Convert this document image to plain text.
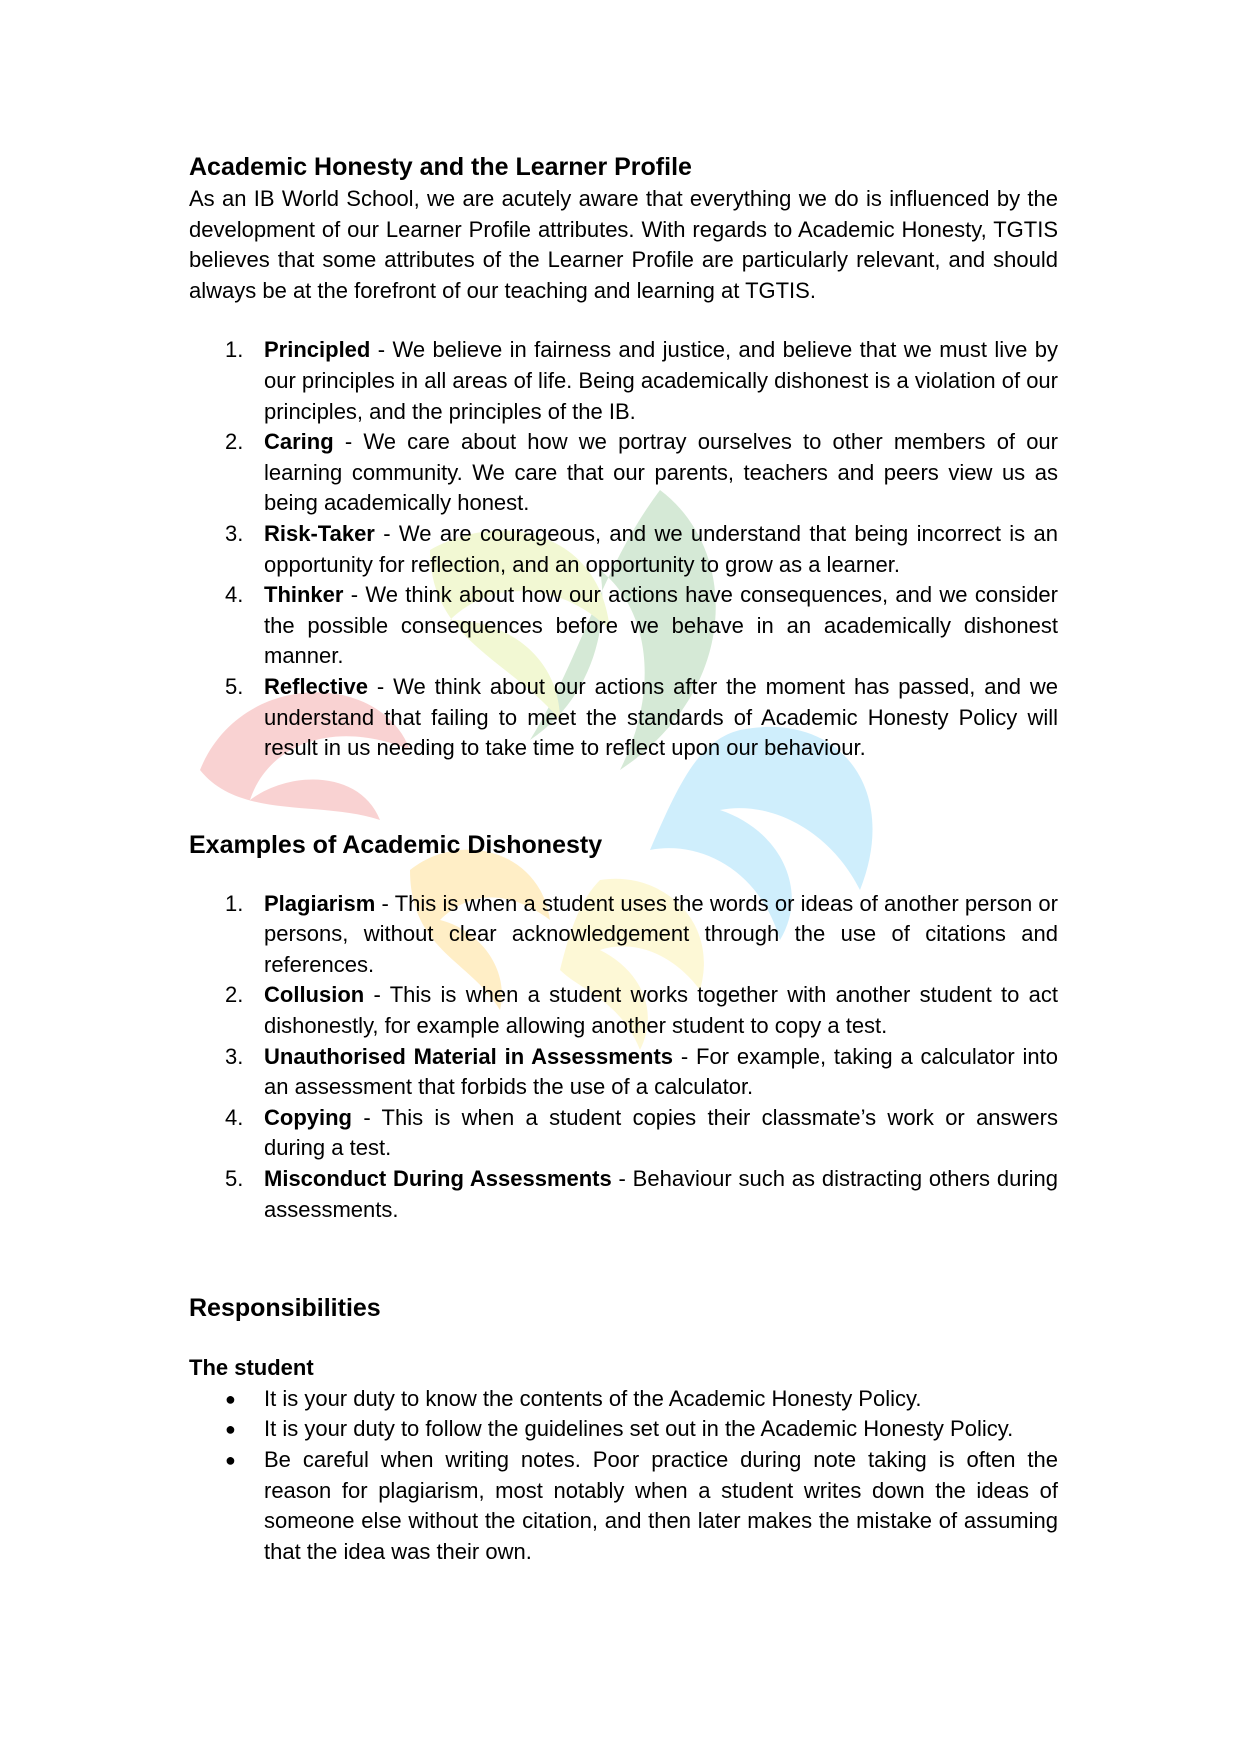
Academic Honesty and the Learner Profile

As an IB World School, we are acutely aware that everything we do is influenced by the development of our Learner Profile attributes. With regards to Academic Honesty, TGTIS believes that some attributes of the Learner Profile are particularly relevant, and should always be at the forefront of our teaching and learning at TGTIS.

1. Principled - We believe in fairness and justice, and believe that we must live by our principles in all areas of life. Being academically dishonest is a violation of our principles, and the principles of the IB.
2. Caring - We care about how we portray ourselves to other members of our learning community. We care that our parents, teachers and peers view us as being academically honest.
3. Risk-Taker - We are courageous, and we understand that being incorrect is an opportunity for reflection, and an opportunity to grow as a learner.
4. Thinker - We think about how our actions have consequences, and we consider the possible consequences before we behave in an academically dishonest manner.
5. Reflective - We think about our actions after the moment has passed, and we understand that failing to meet the standards of Academic Honesty Policy will result in us needing to take time to reflect upon our behaviour.
Examples of Academic Dishonesty
1. Plagiarism - This is when a student uses the words or ideas of another person or persons, without clear acknowledgement through the use of citations and references.
2. Collusion - This is when a student works together with another student to act dishonestly, for example allowing another student to copy a test.
3. Unauthorised Material in Assessments - For example, taking a calculator into an assessment that forbids the use of a calculator.
4. Copying - This is when a student copies their classmate’s work or answers during a test.
5. Misconduct During Assessments - Behaviour such as distracting others during assessments.
Responsibilities

The student

● It is your duty to know the contents of the Academic Honesty Policy.
● It is your duty to follow the guidelines set out in the Academic Honesty Policy.
● Be careful when writing notes. Poor practice during note taking is often the reason for plagiarism, most notably when a student writes down the ideas of someone else without the citation, and then later makes the mistake of assuming that the idea was their own.
